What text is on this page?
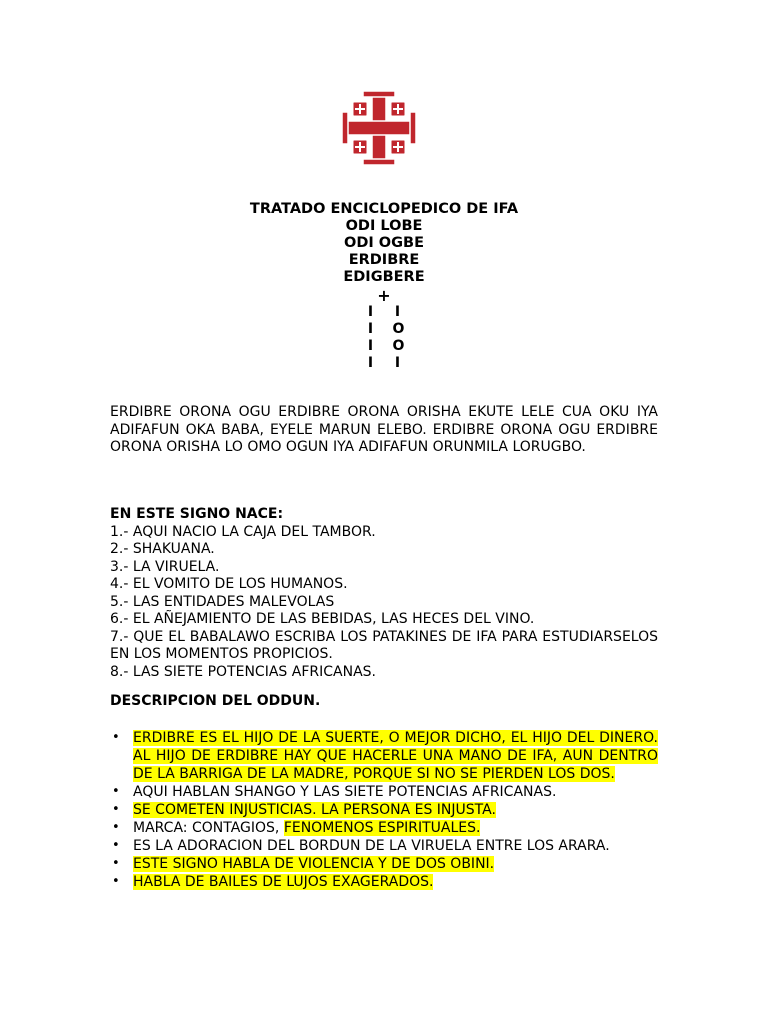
TRATADO ENCICLOPEDICO DE IFA
ODI LOBE
ODI OGBE
ERDIBRE
EDIGBERE
+
I I
I O
I O
I I
ERDIBRE ORONA OGU ERDIBRE ORONA ORISHA EKUTE LELE CUA OKU IYA ADIFAFUN OKA BABA, EYELE MARUN ELEBO. ERDIBRE ORONA OGU ERDIBRE ORONA ORISHA LO OMO OGUN IYA ADIFAFUN ORUNMILA LORUGBO.
EN ESTE SIGNO NACE:
1.- AQUI NACIO LA CAJA DEL TAMBOR.
2.- SHAKUANA.
3.- LA VIRUELA.
4.- EL VOMITO DE LOS HUMANOS.
5.- LAS ENTIDADES MALEVOLAS
6.- EL AÑEJAMIENTO DE LAS BEBIDAS, LAS HECES DEL VINO.
7.- QUE EL BABALAWO ESCRIBA LOS PATAKINES DE IFA PARA ESTUDIARSELOS EN LOS MOMENTOS PROPICIOS.
8.- LAS SIETE POTENCIAS AFRICANAS.
DESCRIPCION DEL ODDUN.
• ERDIBRE ES EL HIJO DE LA SUERTE, O MEJOR DICHO, EL HIJO DEL DINERO. AL HIJO DE ERDIBRE HAY QUE HACERLE UNA MANO DE IFA, AUN DENTRO DE LA BARRIGA DE LA MADRE, PORQUE SI NO SE PIERDEN LOS DOS.
• AQUI HABLAN SHANGO Y LAS SIETE POTENCIAS AFRICANAS.
• SE COMETEN INJUSTICIAS. LA PERSONA ES INJUSTA.
• MARCA: CONTAGIOS, FENOMENOS ESPIRITUALES.
• ES LA ADORACION DEL BORDUN DE LA VIRUELA ENTRE LOS ARARA.
• ESTE SIGNO HABLA DE VIOLENCIA Y DE DOS OBINI.
• HABLA DE BAILES DE LUJOS EXAGERADOS.
